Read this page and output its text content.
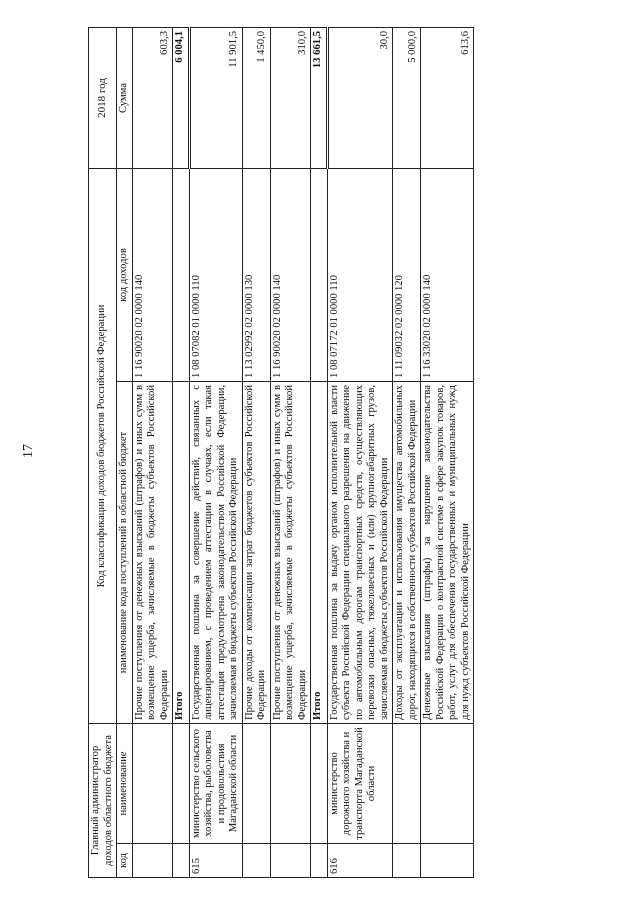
17
Главный администратор доходов областного бюджета		Код классификации доходов бюджетов Российской Федерации		2018 год
код	наименование	наименование кода поступлений в областной бюджет	код доходов	Сумма
		Прочие поступления от денежных взысканий (штрафов) и иных сумм в возмещение ущерба, зачисляемые в бюджеты субъектов Российской Федерации	1 16 90020 02 0000 140	603,3
		Итого		6 004,1
615	министерство сельского хозяйства, рыболовства и продовольствия Магаданской области	Государственная пошлина за совершение действий, связанных с лицензированием, с проведением аттестации в случаях, если такая аттестация предусмотрена законодательством Российской Федерации, зачисляемая в бюджеты субъектов Российской Федерации	1 08 07082 01 0000 110	11 901,5
		Прочие доходы от компенсации затрат бюджетов субъектов Российской Федерации	1 13 02992 02 0000 130	1 450,0
		Прочие поступления от денежных взысканий (штрафов) и иных сумм в возмещение ущерба, зачисляемые в бюджеты субъектов Российской Федерации	1 16 90020 02 0000 140	310,0
		Итого		13 661,5
616	министерство дорожного хозяйства и транспорта Магаданской области	Государственная пошлина за выдачу органом исполнительной власти субъекта Российской Федерации специального разрешения на движение по автомобильным дорогам транспортных средств, осуществляющих перевозки опасных, тяжеловесных и (или) крупногабаритных грузов, зачисляемая в бюджеты субъектов Российской Федерации	1 08 07172 01 0000 110	30,0
		Доходы от эксплуатации и использования имущества автомобильных дорог, находящихся в собственности субъектов Российской Федерации	1 11 09032 02 0000 120	5 000,0
		Денежные взыскания (штрафы) за нарушение законодательства Российской Федерации о контрактной системе в сфере закупок товаров, работ, услуг для обеспечения государственных и муниципальных нужд для нужд субъектов Российской Федерации	1 16 33020 02 0000 140	613,6
